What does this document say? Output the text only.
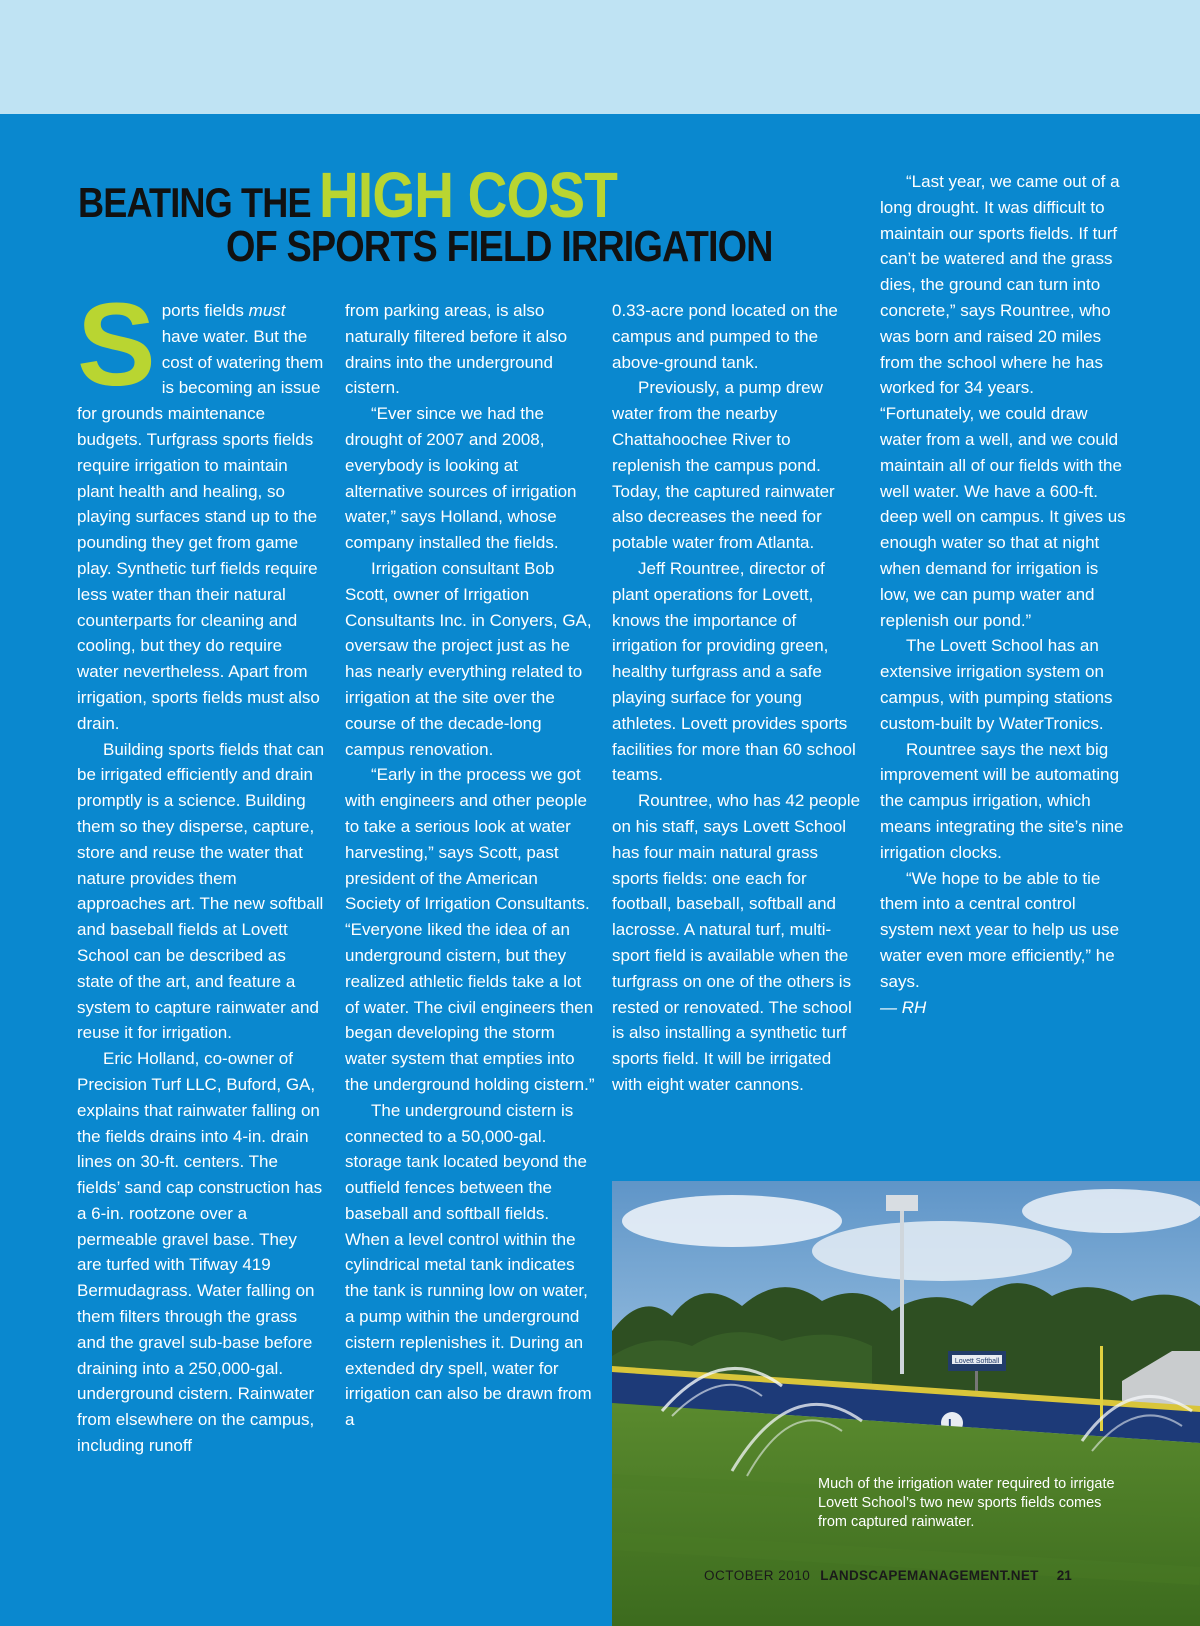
BEATING THE HIGH COST
OF SPORTS FIELD IRRIGATION

Sports fields must have water. But the cost of watering them is becoming an issue for grounds maintenance budgets. Turfgrass sports fields require irrigation to maintain plant health and healing, so playing surfaces stand up to the pounding they get from game play. Synthetic turf fields require less water than their natural counterparts for cleaning and cooling, but they do require water nevertheless. Apart from irrigation, sports fields must also drain.

Building sports fields that can be irrigated efficiently and drain promptly is a science. Building them so they disperse, capture, store and reuse the water that nature provides them approaches art. The new softball and baseball fields at Lovett School can be described as state of the art, and feature a system to capture rainwater and reuse it for irrigation.

Eric Holland, co-owner of Precision Turf LLC, Buford, GA, explains that rainwater falling on the fields drains into 4-in. drain lines on 30-ft. centers. The fields’ sand cap construction has a 6-in. rootzone over a permeable gravel base. They are turfed with Tifway 419 Bermudagrass. Water falling on them filters through the grass and the gravel sub-base before draining into a 250,000-gal. underground cistern. Rainwater from elsewhere on the campus, including runoff

from parking areas, is also naturally filtered before it also drains into the underground cistern.

“Ever since we had the drought of 2007 and 2008, everybody is looking at alternative sources of irrigation water,” says Holland, whose company installed the fields.

Irrigation consultant Bob Scott, owner of Irrigation Consultants Inc. in Conyers, GA, oversaw the project just as he has nearly everything related to irrigation at the site over the course of the decade-long campus renovation.

“Early in the process we got with engineers and other people to take a serious look at water harvesting,” says Scott, past president of the American Society of Irrigation Consultants. “Everyone liked the idea of an underground cistern, but they realized athletic fields take a lot of water. The civil engineers then began developing the storm water system that empties into the underground holding cistern.”

The underground cistern is connected to a 50,000-gal. storage tank located beyond the outfield fences between the baseball and softball fields. When a level control within the cylindrical metal tank indicates the tank is running low on water, a pump within the underground cistern replenishes it. During an extended dry spell, water for irrigation can also be drawn from a

0.33-acre pond located on the campus and pumped to the above-ground tank.

Previously, a pump drew water from the nearby Chattahoochee River to replenish the campus pond. Today, the captured rainwater also decreases the need for potable water from Atlanta.

Jeff Rountree, director of plant operations for Lovett, knows the importance of irrigation for providing green, healthy turfgrass and a safe playing surface for young athletes. Lovett provides sports facilities for more than 60 school teams.

Rountree, who has 42 people on his staff, says Lovett School has four main natural grass sports fields: one each for football, baseball, softball and lacrosse. A natural turf, multi-sport field is available when the turfgrass on one of the others is rested or renovated. The school is also installing a synthetic turf sports field. It will be irrigated with eight water cannons.

“Last year, we came out of a long drought. It was difficult to maintain our sports fields. If turf can’t be watered and the grass dies, the ground can turn into concrete,” says Rountree, who was born and raised 20 miles from the school where he has worked for 34 years. “Fortunately, we could draw water from a well, and we could maintain all of our fields with the well water. We have a 600-ft. deep well on campus. It gives us enough water so that at night when demand for irrigation is low, we can pump water and replenish our pond.”

The Lovett School has an extensive irrigation system on campus, with pumping stations custom-built by WaterTronics.

Rountree says the next big improvement will be automating the campus irrigation, which means integrating the site’s nine irrigation clocks.

“We hope to be able to tie them into a central control system next year to help us use water even more efficiently,” he says.

— RH

Lovett Softball
L

Much of the irrigation water required to irrigate Lovett School’s two new sports fields comes from captured rainwater.

OCTOBER 2010 LANDSCAPEMANAGEMENT.NET 21
